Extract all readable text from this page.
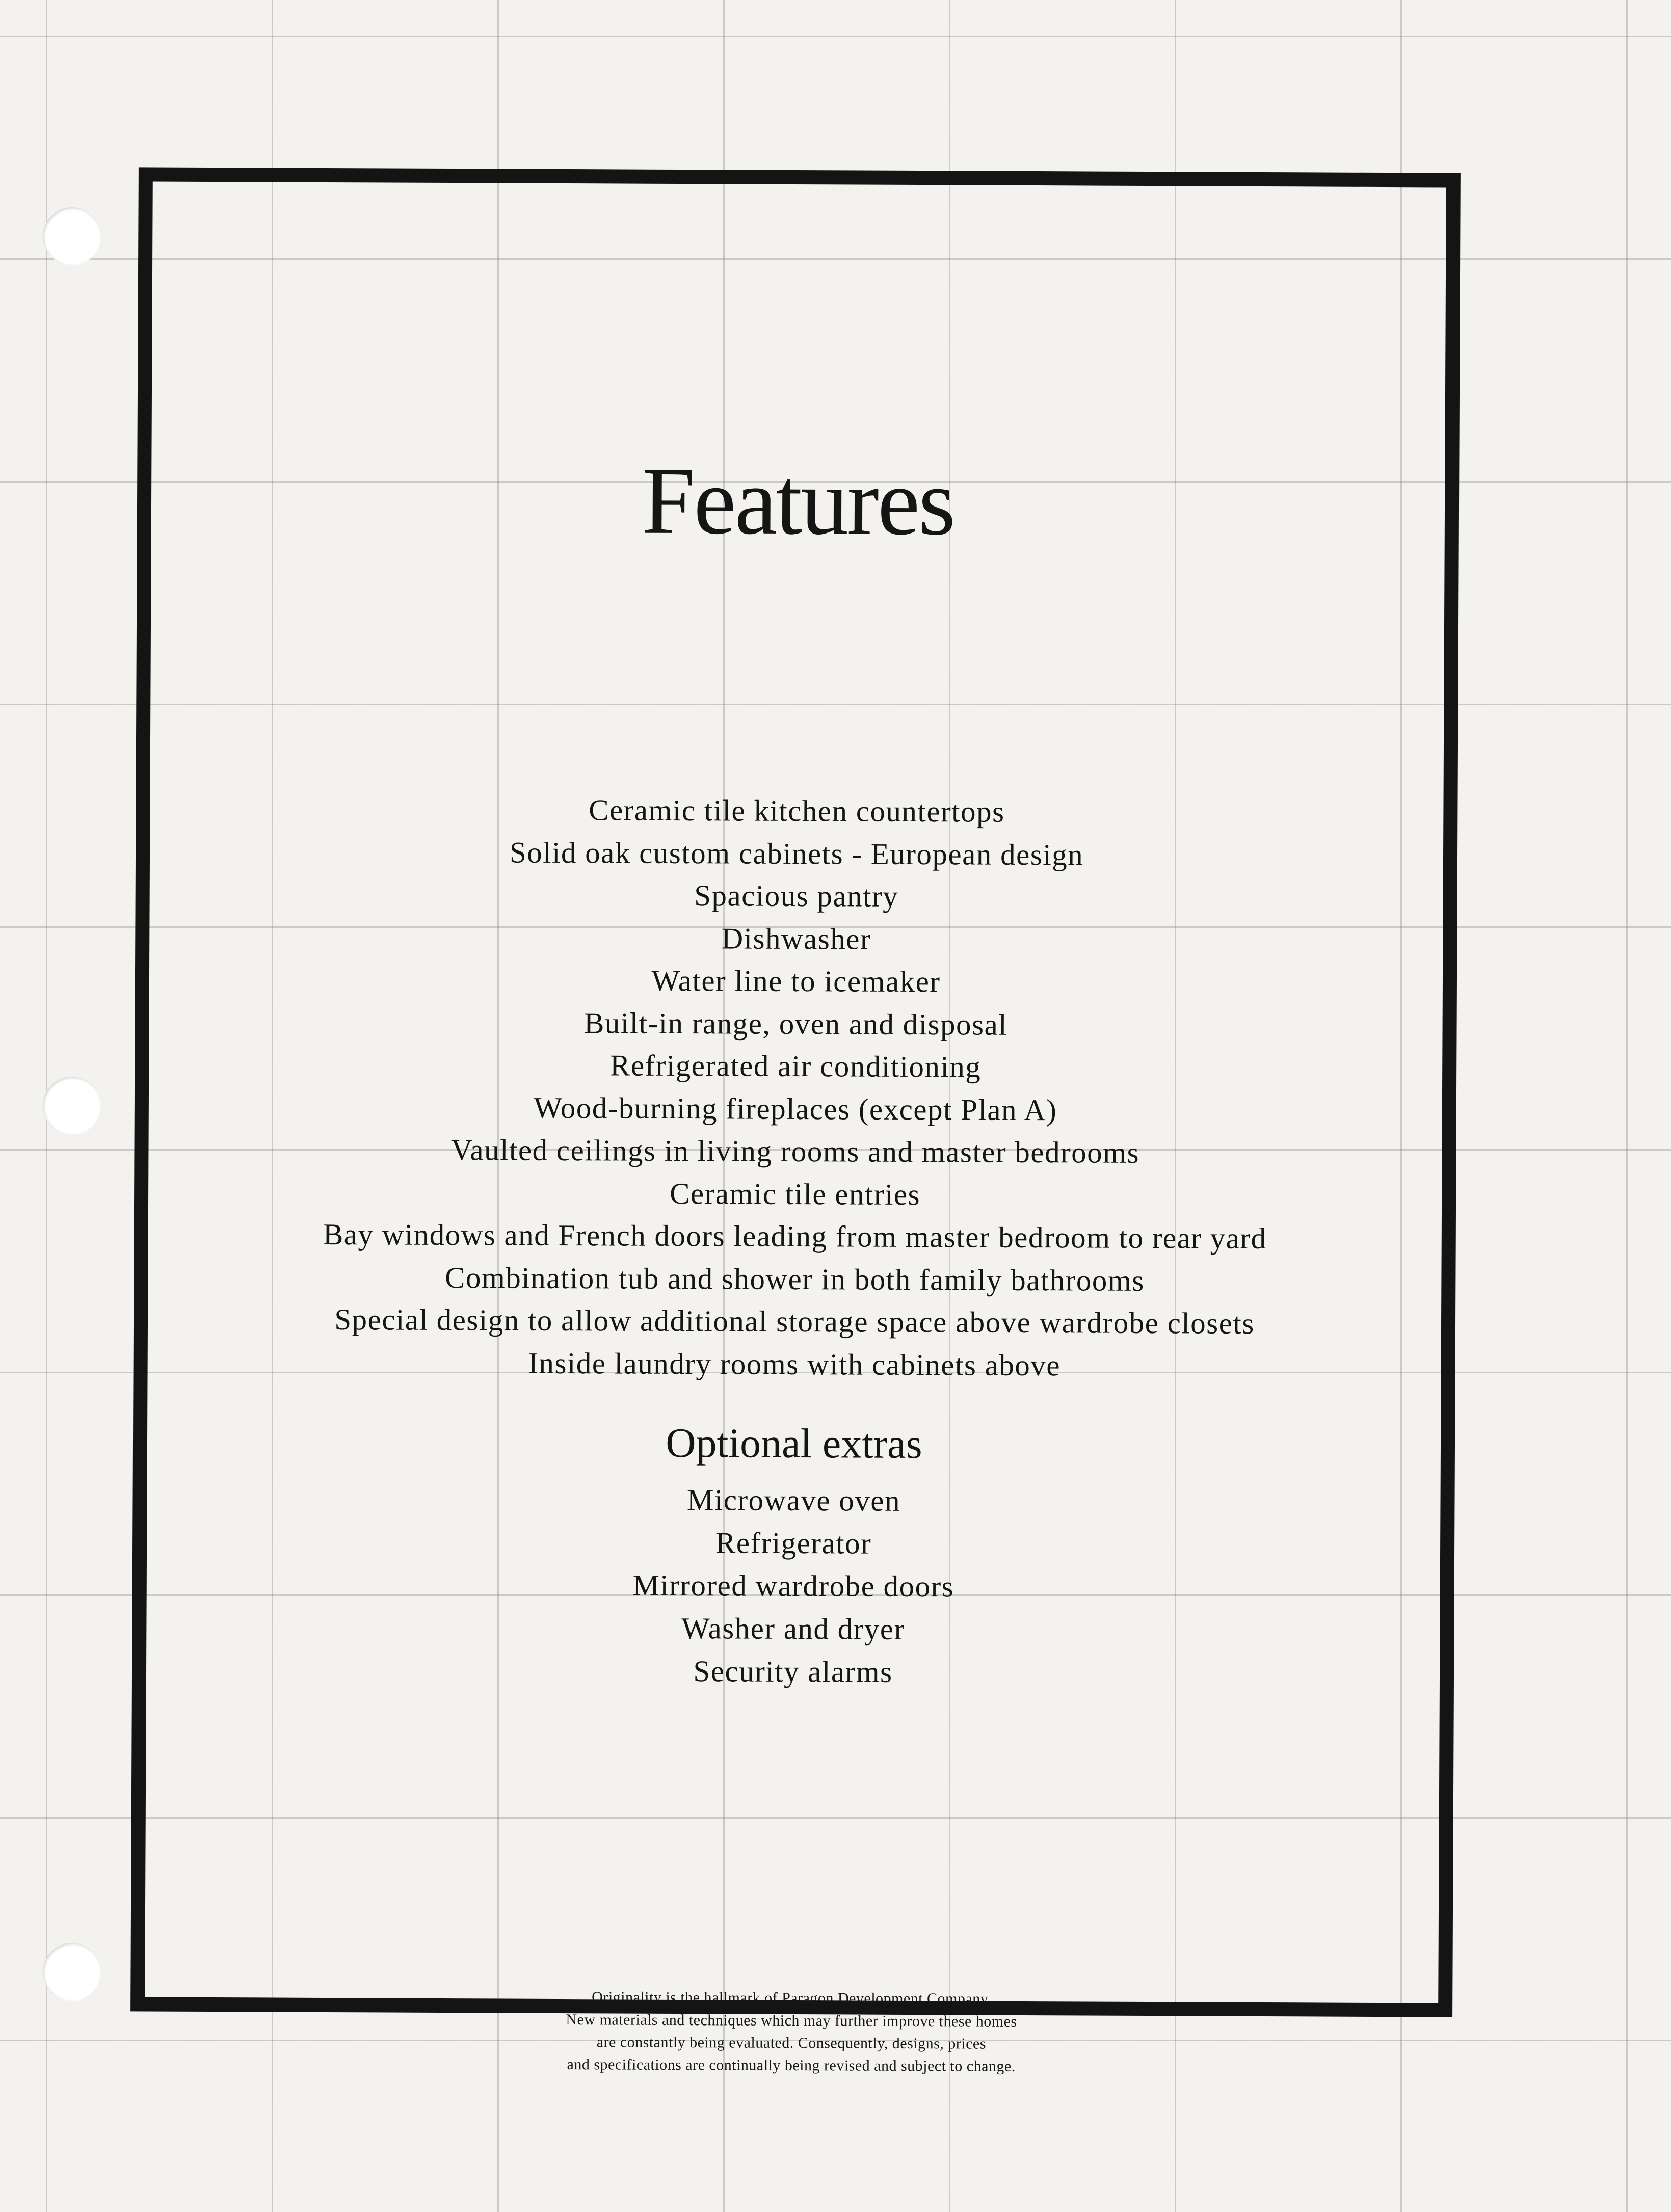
Features
Ceramic tile kitchen countertops
Solid oak custom cabinets - European design
Spacious pantry
Dishwasher
Water line to icemaker
Built-in range, oven and disposal
Refrigerated air conditioning
Wood-burning fireplaces (except Plan A)
Vaulted ceilings in living rooms and master bedrooms
Ceramic tile entries
Bay windows and French doors leading from master bedroom to rear yard
Combination tub and shower in both family bathrooms
Special design to allow additional storage space above wardrobe closets
Inside laundry rooms with cabinets above
Optional extras
Microwave oven
Refrigerator
Mirrored wardrobe doors
Washer and dryer
Security alarms
Originality is the hallmark of Paragon Development Company.
New materials and techniques which may further improve these homes
are constantly being evaluated. Consequently, designs, prices
and specifications are continually being revised and subject to change.
